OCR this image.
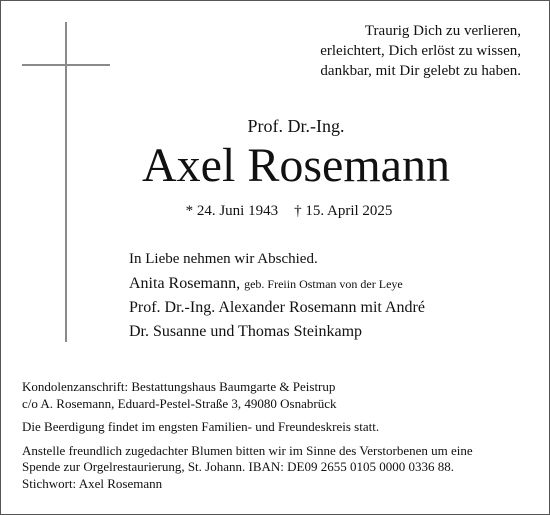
Traurig Dich zu verlieren,
erleichtert, Dich erlöst zu wissen,
dankbar, mit Dir gelebt zu haben.
Prof. Dr.-Ing.
Axel Rosemann
* 24. Juni 1943 † 15. April 2025
In Liebe nehmen wir Abschied.
Anita Rosemann, geb. Freiin Ostman von der Leye
Prof. Dr.-Ing. Alexander Rosemann mit André
Dr. Susanne und Thomas Steinkamp
Kondolenzanschrift: Bestattungshaus Baumgarte & Peistrup
c/o A. Rosemann, Eduard-Pestel-Straße 3, 49080 Osnabrück
Die Beerdigung findet im engsten Familien- und Freundeskreis statt.
Anstelle freundlich zugedachter Blumen bitten wir im Sinne des Verstorbenen um eine
Spende zur Orgelrestaurierung, St. Johann. IBAN: DE09 2655 0105 0000 0336 88.
Stichwort: Axel Rosemann
